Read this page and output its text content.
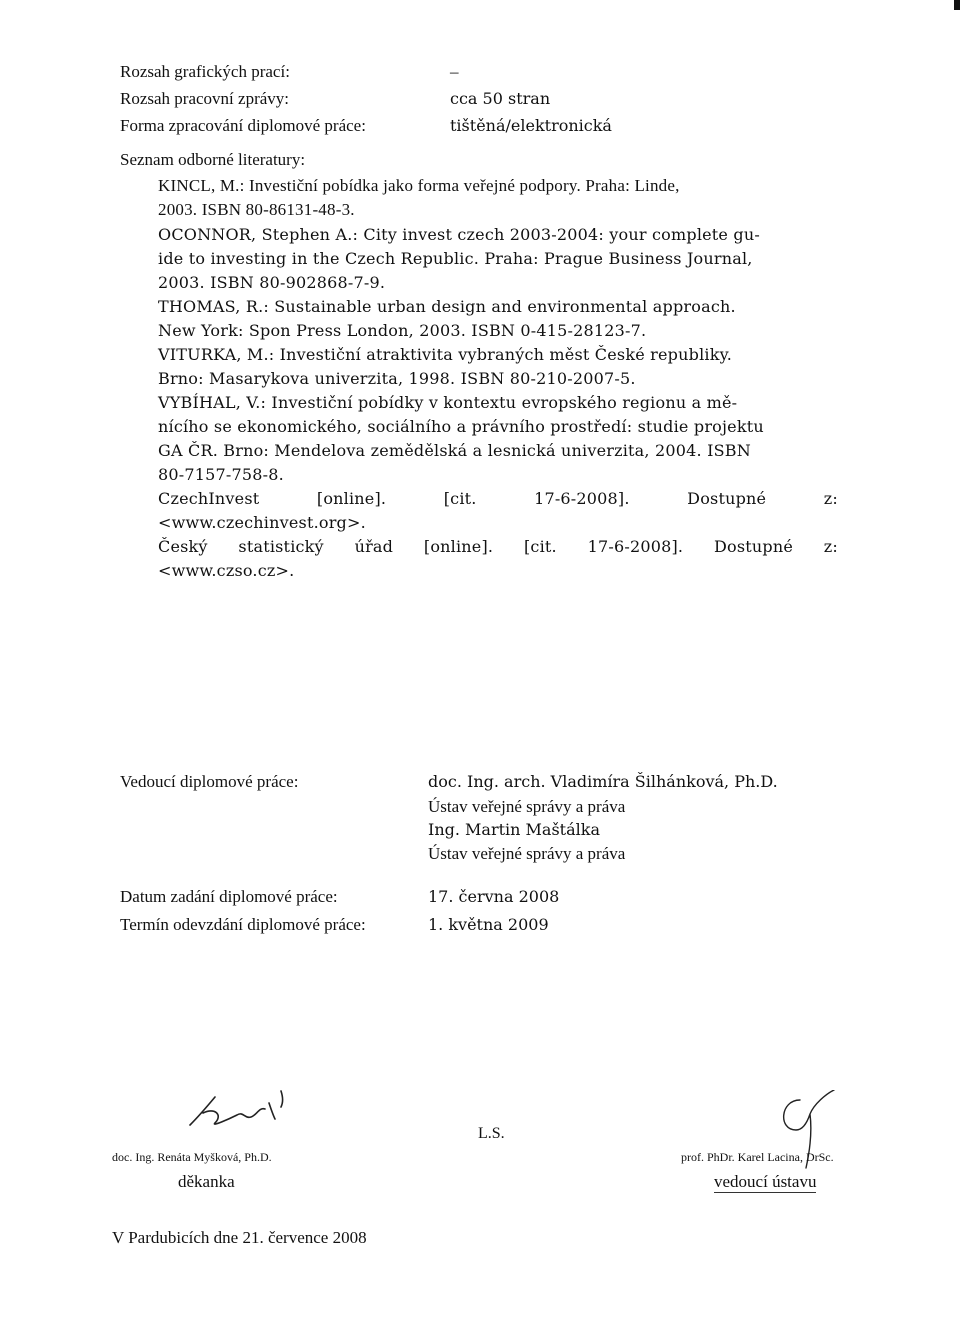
Rozsah grafických prací:	–
Rozsah pracovní zprávy:	cca 50 stran
Forma zpracování diplomové práce:	tištěná/elektronická
Seznam odborné literatury:
KINCL, M.: Investiční pobídka jako forma veřejné podpory. Praha: Linde,
2003. ISBN 80-86131-48-3.
OCONNOR, Stephen A.: City invest czech 2003-2004: your complete gu-
ide to investing in the Czech Republic. Praha: Prague Business Journal,
2003. ISBN 80-902868-7-9.
THOMAS, R.: Sustainable urban design and environmental approach.
New York: Spon Press London, 2003. ISBN 0-415-28123-7.
VITURKA, M.: Investiční atraktivita vybraných měst České republiky.
Brno: Masarykova univerzita, 1998. ISBN 80-210-2007-5.
VYBÍHAL, V.: Investiční pobídky v kontextu evropského regionu a mě-
nícího se ekonomického, sociálního a právního prostředí: studie projektu
GA ČR. Brno: Mendelova zemědělská a lesnická univerzita, 2004. ISBN
80-7157-758-8.
CzechInvest	[online].	[cit.	17-6-2008].	Dostupné	z:
<www.czechinvest.org>.
Český statistický úřad [online]. [cit. 17-6-2008]. Dostupné z:
<www.czso.cz>.
Vedoucí diplomové práce:	doc. Ing. arch. Vladimíra Šilhánková, Ph.D.
Ústav veřejné správy a práva
Ing. Martin Maštálka
Ústav veřejné správy a práva
Datum zadání diplomové práce:	17. června 2008
Termín odevzdání diplomové práce:	1. května 2009
doc. Ing. Renáta Myšková, Ph.D.
děkanka
L.S.
prof. PhDr. Karel Lacina, DrSc.
vedoucí ústavu
V Pardubicích dne 21. července 2008
